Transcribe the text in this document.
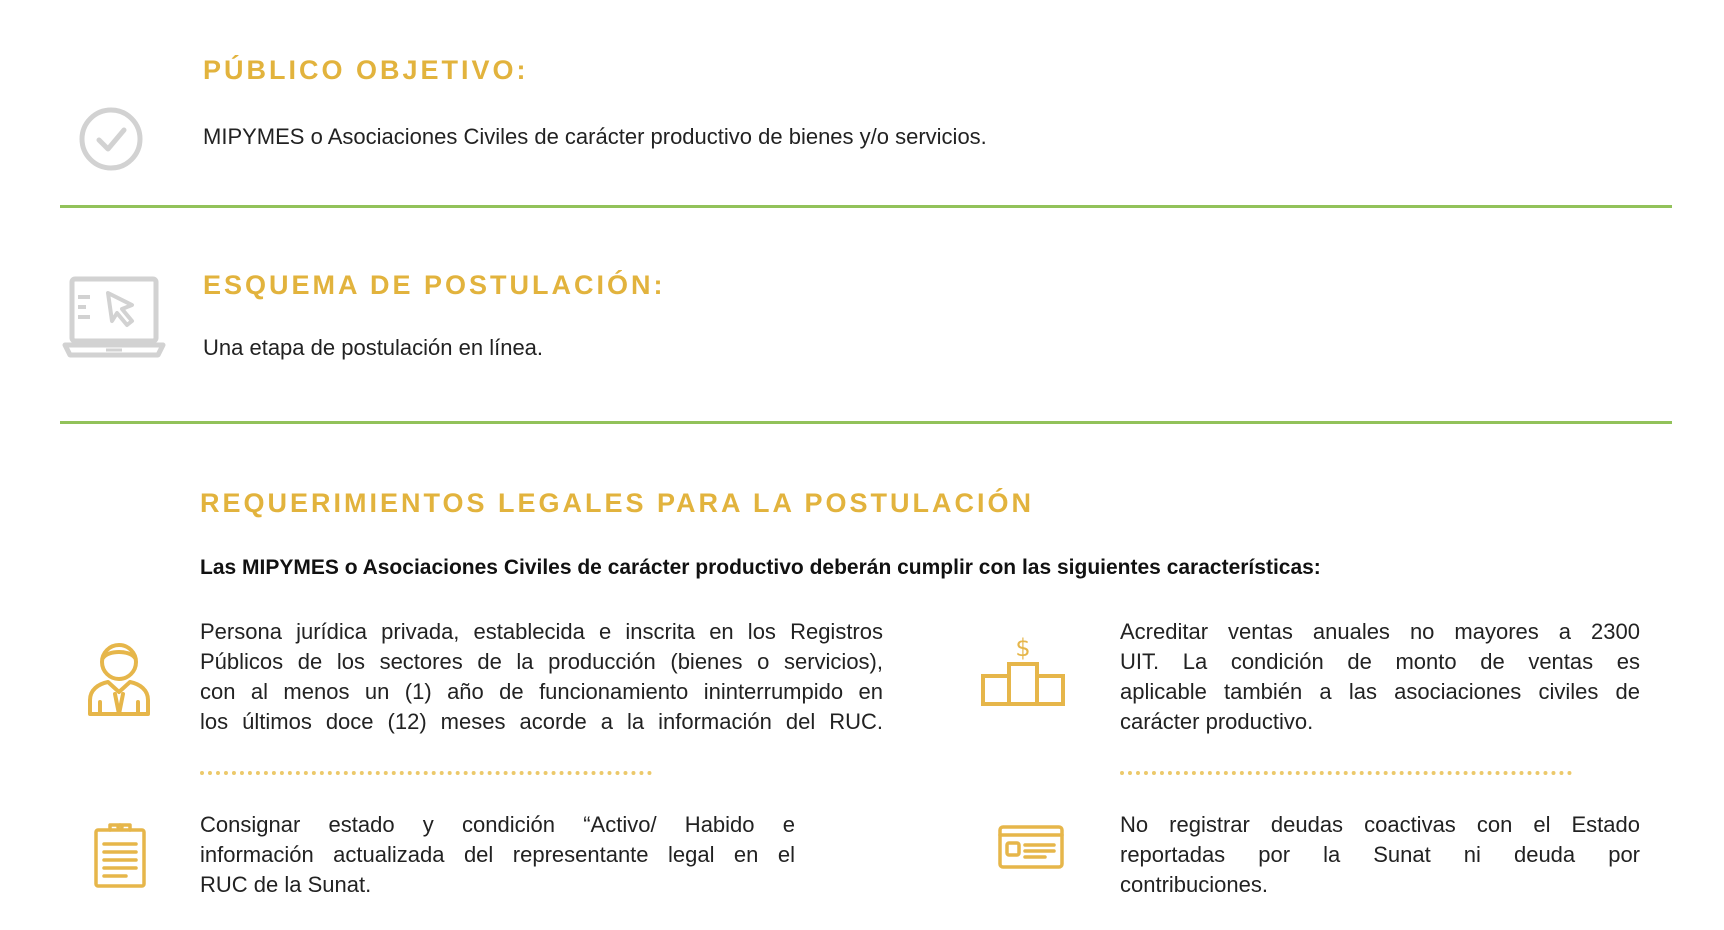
PÚBLICO OBJETIVO:
MIPYMES o Asociaciones Civiles de carácter productivo de bienes y/o servicios.
ESQUEMA DE POSTULACIÓN:
Una etapa de postulación en línea.
REQUERIMIENTOS LEGALES PARA LA POSTULACIÓN
Las MIPYMES o Asociaciones Civiles de carácter productivo deberán cumplir con las siguientes características:
Persona jurídica privada, establecida e inscrita en los Registros
Públicos de los sectores de la producción (bienes o servicios),
con al menos un (1) año de funcionamiento ininterrumpido en
los últimos doce (12) meses acorde a la información del RUC.
$
Acreditar ventas anuales no mayores a 2300
UIT. La condición de monto de ventas es
aplicable también a las asociaciones civiles de
carácter productivo.
Consignar estado y condición “Activo/ Habido e
información actualizada del representante legal en el
RUC de la Sunat.
No registrar deudas coactivas con el Estado
reportadas por la Sunat ni deuda por
contribuciones.
